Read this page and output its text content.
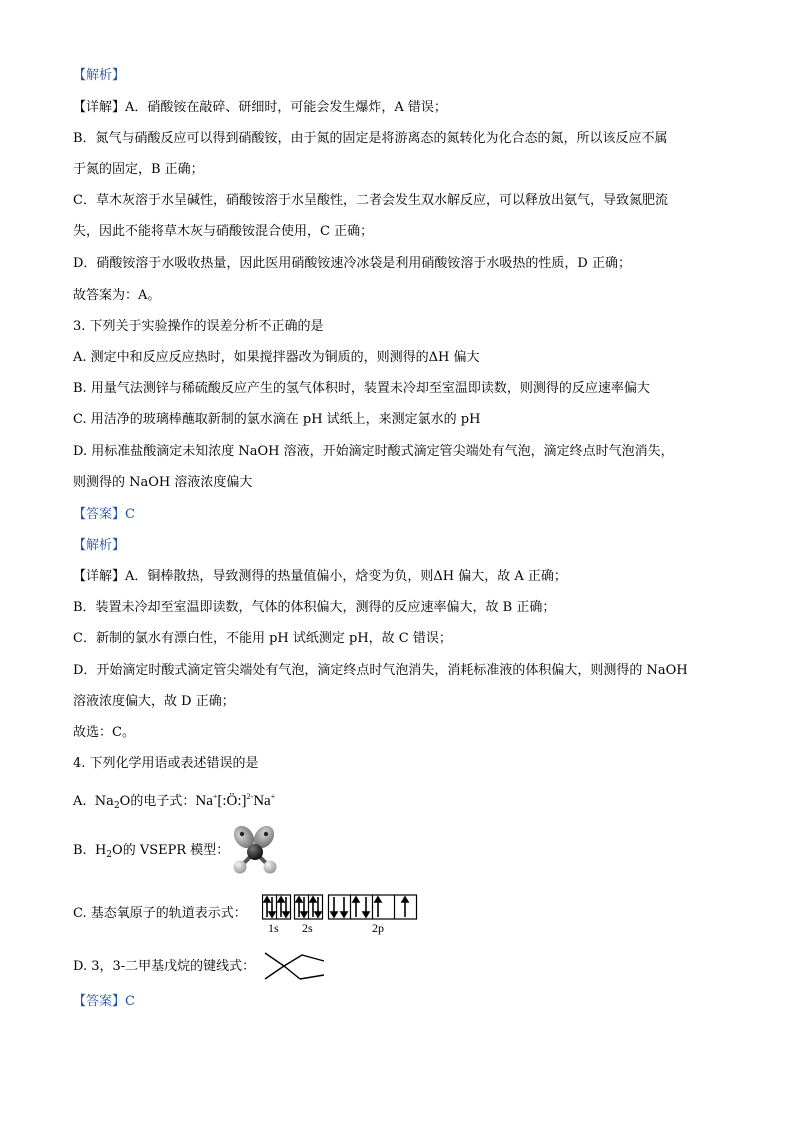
【解析】
【详解】A．硝酸铵在敲碎、研细时，可能会发生爆炸，A 错误；
B．氮气与硝酸反应可以得到硝酸铵，由于氮的固定是将游离态的氮转化为化合态的氮，所以该反应不属
于氮的固定，B 正确；
C．草木灰溶于水呈碱性，硝酸铵溶于水呈酸性，二者会发生双水解反应，可以释放出氨气，导致氮肥流
失，因此不能将草木灰与硝酸铵混合使用，C 正确；
D．硝酸铵溶于水吸收热量，因此医用硝酸铵速冷冰袋是利用硝酸铵溶于水吸热的性质，D 正确；
故答案为：A。
3. 下列关于实验操作的误差分析不正确的是
A. 测定中和反应反应热时，如果搅拌器改为铜质的，则测得的ΔH 偏大
B. 用量气法测锌与稀硫酸反应产生的氢气体积时，装置未冷却至室温即读数，则测得的反应速率偏大
C. 用洁净的玻璃棒蘸取新制的氯水滴在 pH 试纸上，来测定氯水的 pH
D. 用标准盐酸滴定未知浓度 NaOH 溶液，开始滴定时酸式滴定管尖端处有气泡，滴定终点时气泡消失，
则测得的 NaOH 溶液浓度偏大
【答案】C
【解析】
【详解】A．铜棒散热，导致测得的热量值偏小，焓变为负，则ΔH 偏大，故 A 正确；
B．装置未冷却至室温即读数，气体的体积偏大，测得的反应速率偏大，故 B 正确；
C．新制的氯水有漂白性，不能用 pH 试纸测定 pH，故 C 错误；
D．开始滴定时酸式滴定管尖端处有气泡，滴定终点时气泡消失，消耗标准液的体积偏大，则测得的 NaOH
溶液浓度偏大，故 D 正确；
故选：C。
4. 下列化学用语或表述错误的是
A. $Na_2O$的电子式：Na+[:Ö:]$^{2-}$Na+
B. $H_2O$的 VSEPR 模型：
C. 基态氧原子的轨道表示式：
1s 2s	2p
D. 3，3-二甲基戊烷的键线式：
【答案】C
